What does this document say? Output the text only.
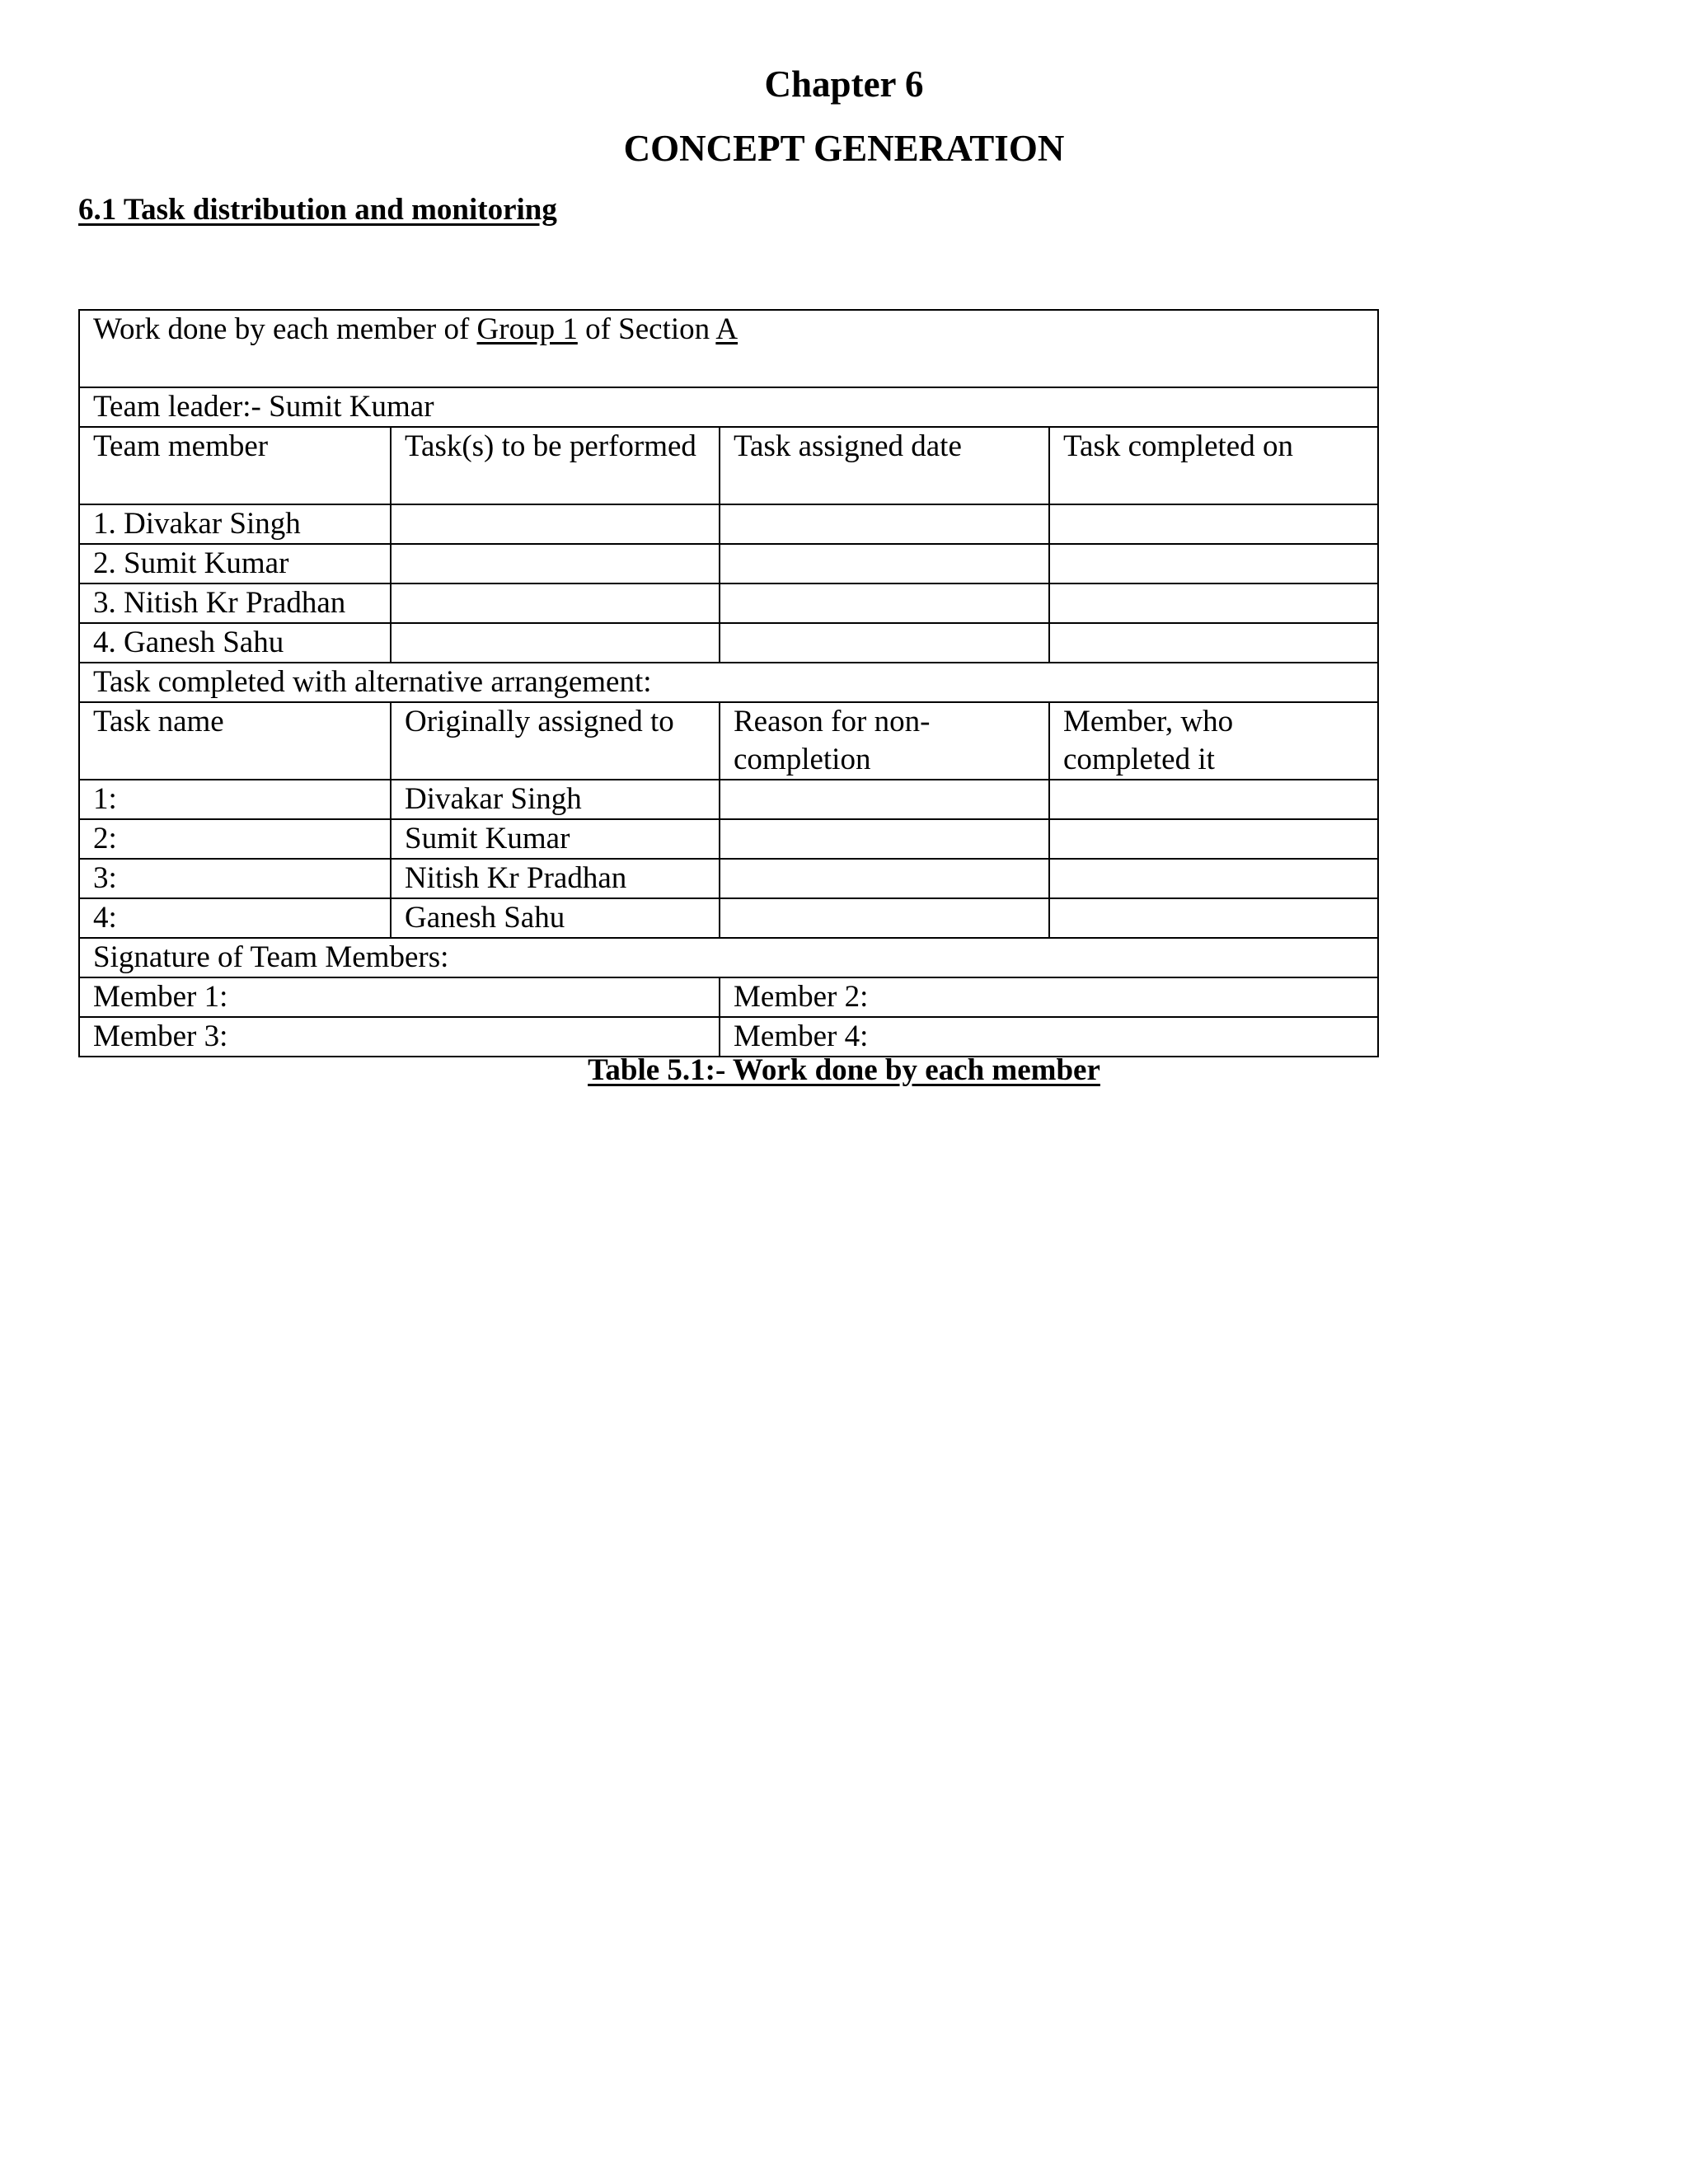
Chapter 6
CONCEPT GENERATION
6.1 Task distribution and monitoring
Work done by each member of Group 1 of Section A			
Team leader:- Sumit Kumar			
Team member	Task(s) to be performed	Task assigned date	Task completed on
1. Divakar Singh			
2. Sumit Kumar			
3. Nitish Kr Pradhan			
4. Ganesh Sahu			
Task completed with alternative arrangement:			
Task name	Originally assigned to	Reason for non-completion	Member, who completed it
1:	Divakar Singh		
2:	Sumit Kumar		
3:	Nitish Kr Pradhan		
4:	Ganesh Sahu		
Signature of Team Members:			
Member 1:		Member 2:	
Member 3:		Member 4:	
Table 5.1:- Work done by each member
